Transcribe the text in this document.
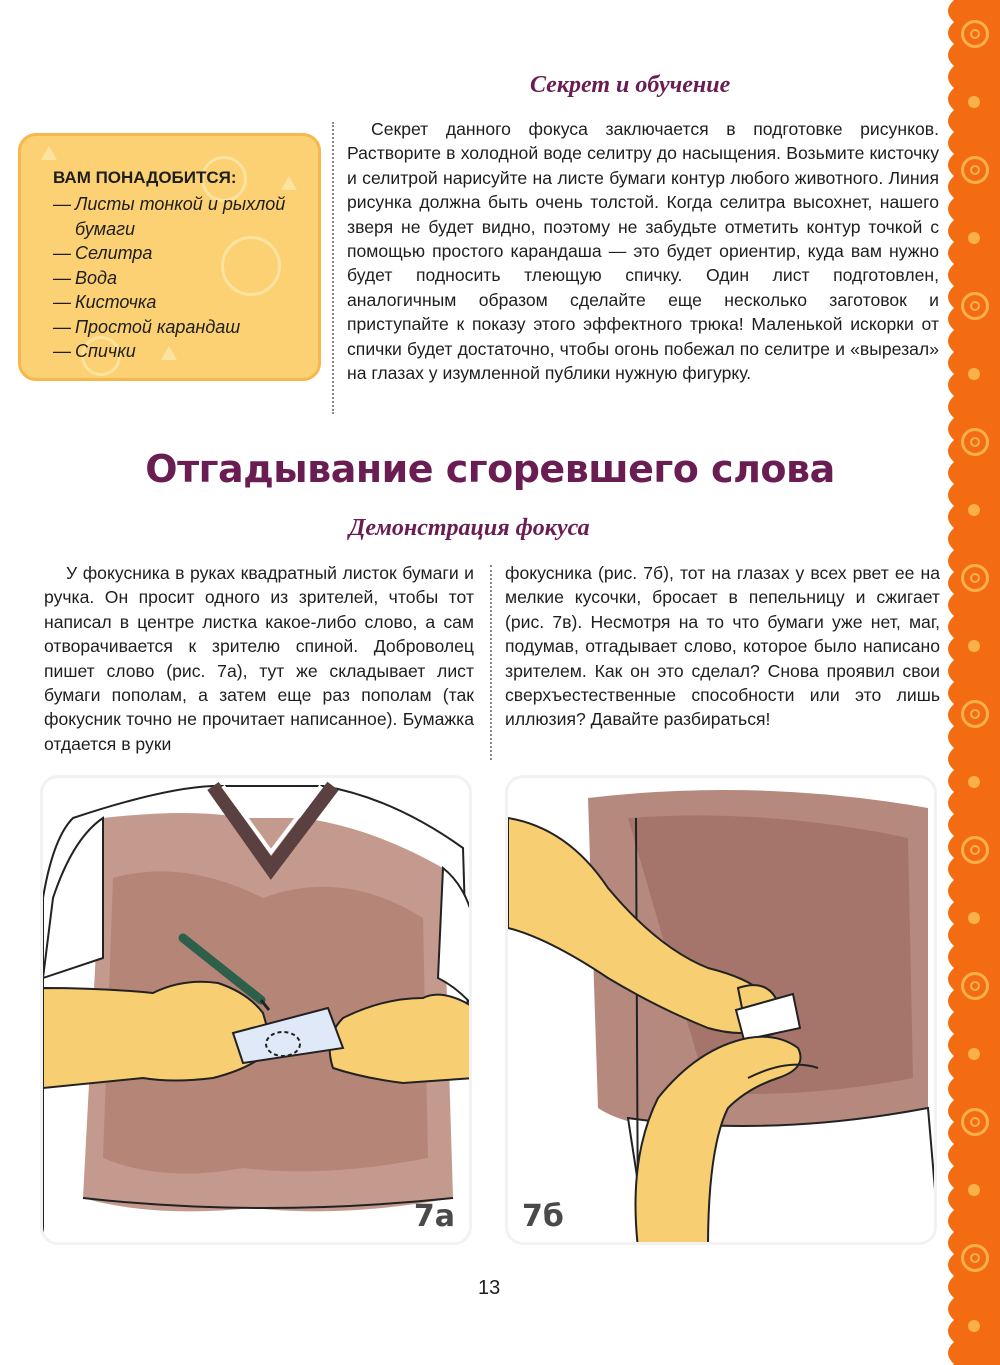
Секрет и обучение
ВАМ ПОНАДОБИТСЯ:
— Листы тонкой и рыхлой бумаги
— Селитра
— Вода
— Кисточка
— Простой карандаш
— Спички
Секрет данного фокуса заключается в подготовке рисунков. Растворите в холодной воде селитру до насыщения. Возьмите кисточку и селитрой нарисуйте на листе бумаги контур любого животного. Линия рисунка должна быть очень толстой. Когда селитра высохнет, нашего зверя не будет видно, поэтому не забудьте отметить контур точкой с помощью простого карандаша — это будет ориентир, куда вам нужно будет подносить тлеющую спичку. Один лист подготовлен, аналогичным образом сделайте еще несколько заготовок и приступайте к показу этого эффектного трюка! Маленькой искорки от спички будет достаточно, чтобы огонь побежал по селитре и «вырезал» на глазах у изумленной публики нужную фигурку.
Отгадывание сгоревшего слова
Демонстрация фокуса
У фокусника в руках квадратный листок бумаги и ручка. Он просит одного из зрителей, чтобы тот написал в центре листка какое-либо слово, а сам отворачивается к зрителю спиной. Доброволец пишет слово (рис. 7а), тут же складывает лист бумаги пополам, а затем еще раз пополам (так фокусник точно не прочитает написанное). Бумажка отдается в руки
фокусника (рис. 7б), тот на глазах у всех рвет ее на мелкие кусочки, бросает в пепельницу и сжигает (рис. 7в). Несмотря на то что бумаги уже нет, маг, подумав, отгадывает слово, которое было написано зрителем. Как он это сделал? Снова проявил свои сверхъестественные способности или это лишь иллюзия? Давайте разбираться!
7а 7б
13
